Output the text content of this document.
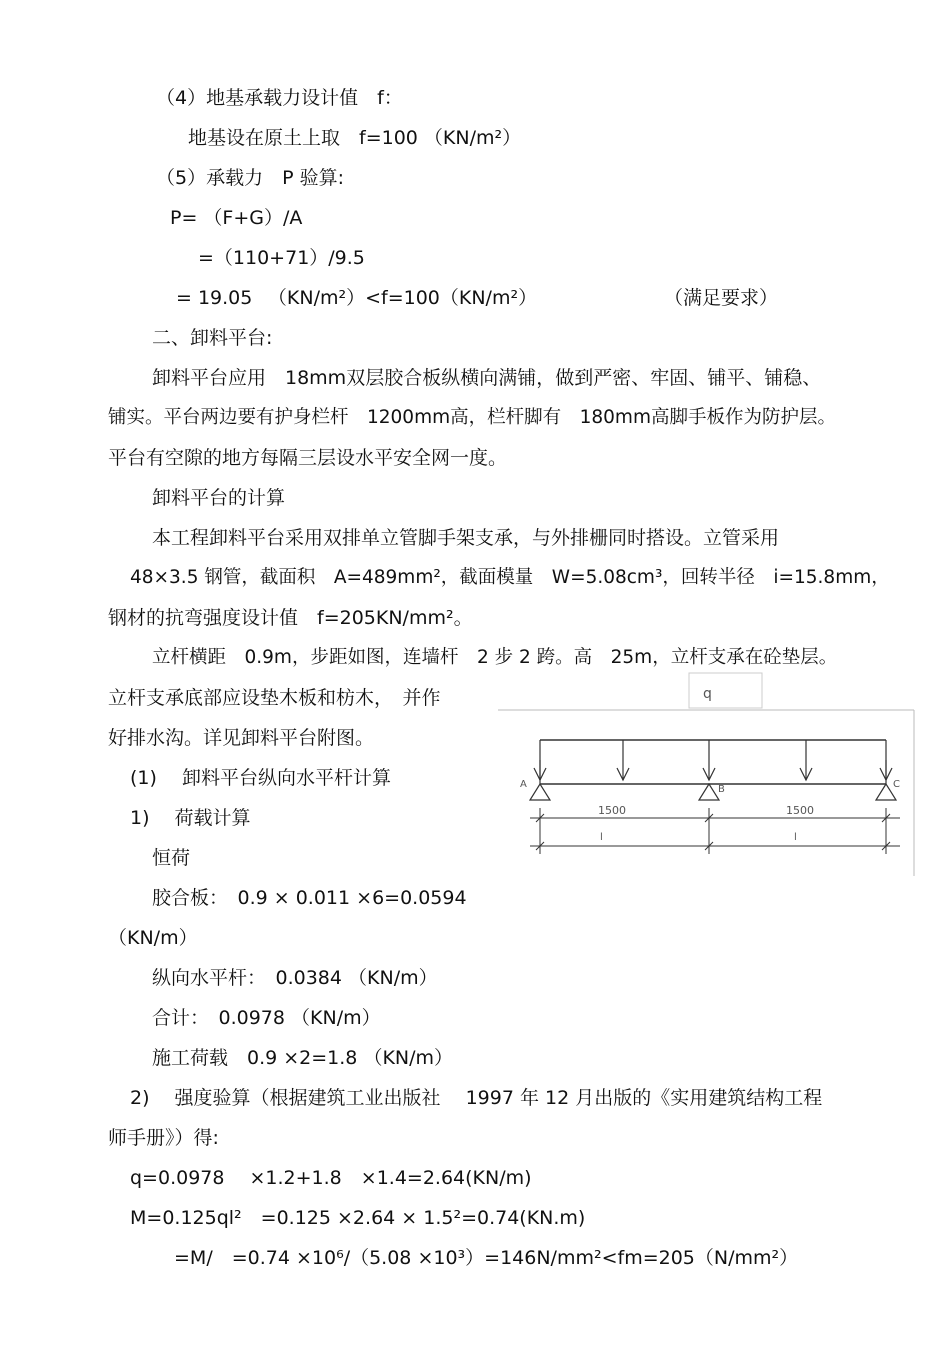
（4）地基承载力设计值　f：
地基设在原土上取　f=100 （KN/m²）
（5）承载力　P 验算:
P= （F+G）/A
=（110+71）/9.5
= 19.05 　（KN/m²）<f=100（KN/m²）	（满足要求）
二、卸料平台:
卸料平台应用　18mm双层胶合板纵横向满铺，做到严密、牢固、铺平、铺稳、
铺实。平台两边要有护身栏杆　1200mm高，栏杆脚有　180mm高脚手板作为防护层。
平台有空隙的地方每隔三层设水平安全网一度。
卸料平台的计算
本工程卸料平台采用双排单立管脚手架支承，与外排栅同时搭设。立管采用
48×3.5 钢管，截面积　A=489mm²，截面模量　W=5.08cm³，回转半径　i=15.8mm，
钢材的抗弯强度设计值　f=205KN/mm²。
立杆横距　0.9m，步距如图，连墙杆　2 步 2 跨。高　25m，立杆支承在砼垫层。
立杆支承底部应设垫木板和枋木，　并作
好排水沟。详见卸料平台附图。
(1)　 卸料平台纵向水平杆计算
1)　 荷载计算
恒荷
胶合板：　0.9 × 0.011 ×6=0.0594
（KN/m）
纵向水平杆：　0.0384 （KN/m）
合计：　0.0978 （KN/m）
施工荷载　0.9 ×2=1.8 （KN/m）
2)　 强度验算（根据建筑工业出版社　 1997 年 12 月出版的《实用建筑结构工程
师手册》）得:
q=0.0978　 ×1.2+1.8　×1.4=2.64(KN/m)
M=0.125ql²　=0.125 ×2.64 × 1.5²=0.74(KN.m)
=M/　=0.74 ×10⁶/（5.08 ×10³）=146N/mm²<fm=205（N/mm²）
q
A	B	C
1500	1500
l	l
